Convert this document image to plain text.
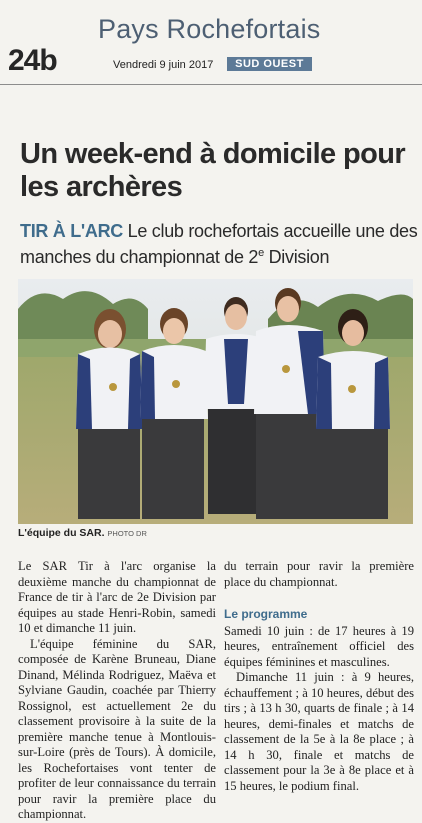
Pays Rochefortais
24b	Vendredi 9 juin 2017	SUD OUEST
Un week-end à domicile pour les archères
TIR À L'ARC Le club rochefortais accueille une des manches du championnat de 2e Division
L'équipe du SAR. PHOTO DR

Le SAR Tir à l'arc organise la deuxième manche du championnat de France de tir à l'arc de 2e Division par équipes au stade Henri-Robin, samedi 10 et dimanche 11 juin.

L'équipe féminine du SAR, composée de Karène Bruneau, Diane Dinand, Mélinda Rodriguez, Maëva et Sylviane Gaudin, coachée par Thierry Rossignol, est actuellement 2e du classement provisoire à la suite de la première manche tenue à Montlouis-sur-Loire (près de Tours). À domicile, les Rochefortaises vont tenter de profiter de leur connaissance du terrain pour ravir la première place du championnat.

du terrain pour ravir la première place du championnat.

Le programme

Samedi 10 juin : de 17 heures à 19 heures, entraînement officiel des équipes féminines et masculines.

Dimanche 11 juin : à 9 heures, échauffement ; à 10 heures, début des tirs ; à 13 h 30, quarts de finale ; à 14 heures, demi-finales et matchs de classement de la 5e à la 8e place ; à 14 h 30, finale et matchs de classement pour la 3e à 8e place et à 15 heures, le podium final.
